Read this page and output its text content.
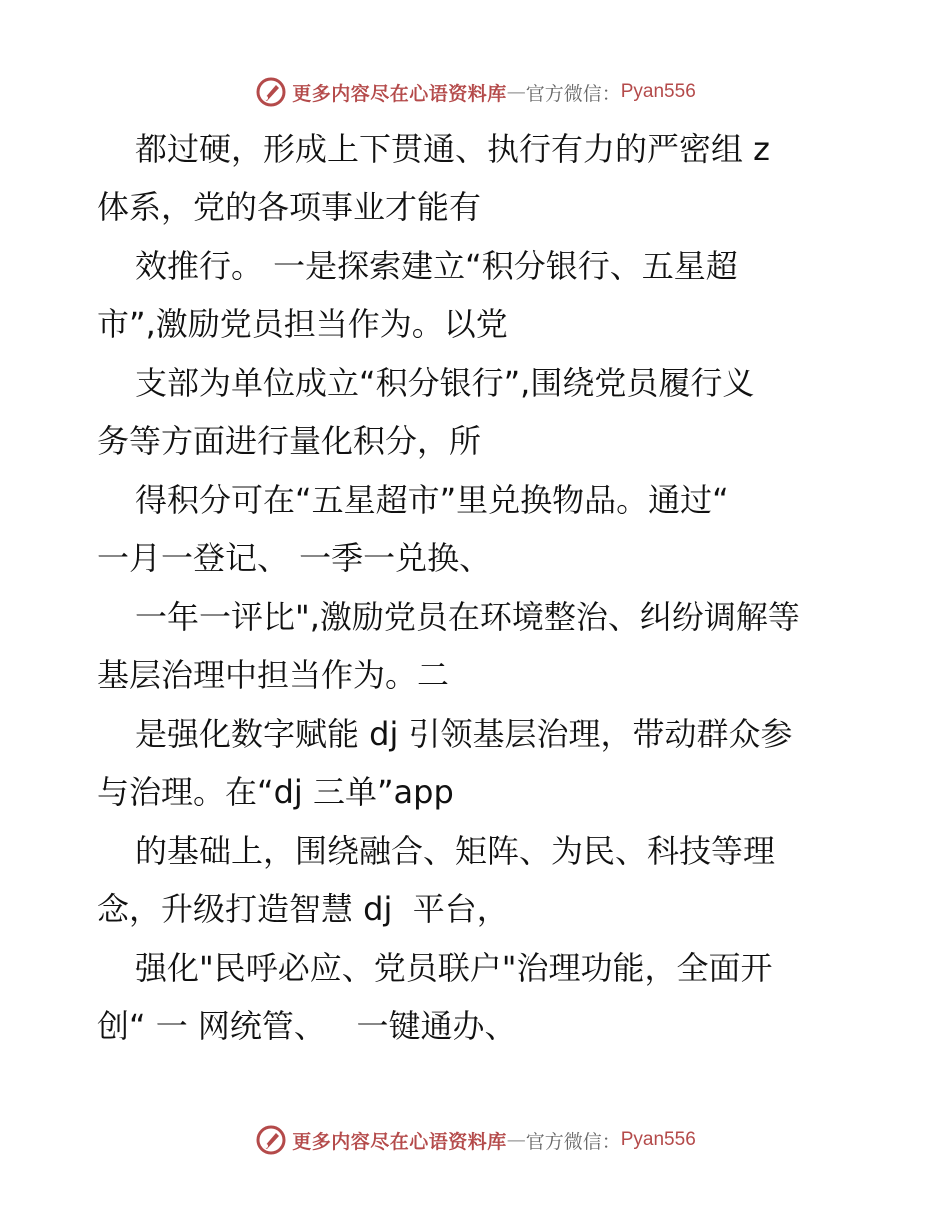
更多内容尽在心语资料库 — 官方微信： Pyan556
都过硬，形成上下贯通、执行有力的严密组 z
体系，党的各项事业才能有
效推行。 一是探索建立“积分银行、五星超
市”,激励党员担当作为。以党
支部为单位成立“积分银行”,围绕党员履行义
务等方面进行量化积分，所
得积分可在“五星超市”里兑换物品。通过“
一月一登记、 一季一兑换、
一年一评比",激励党员在环境整治、纠纷调解等
基层治理中担当作为。二
是强化数字赋能 dj 引领基层治理，带动群众参
与治理。在“dj 三单”app
的基础上，围绕融合、矩阵、为民、科技等理
念，升级打造智慧 dj  平台，
强化"民呼必应、党员联户"治理功能，全面开
创“ 一 网统管、   一键通办、
更多内容尽在心语资料库 — 官方微信： Pyan556
